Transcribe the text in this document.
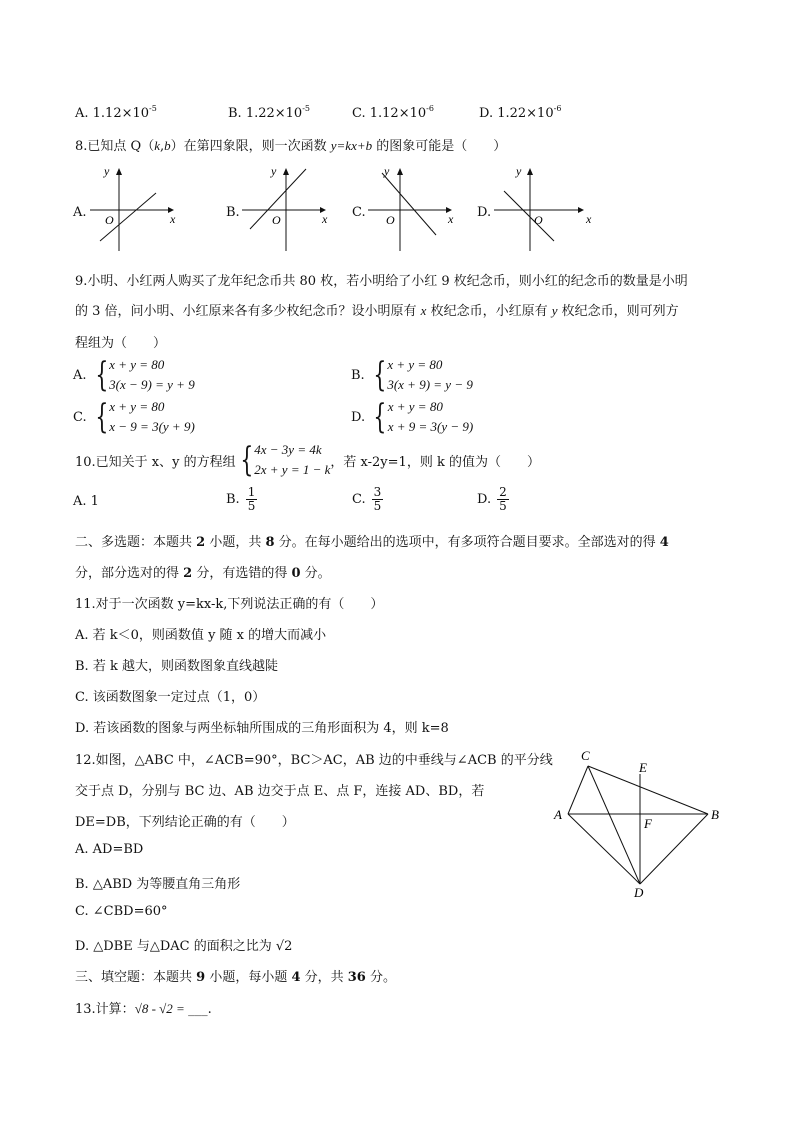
A. $1.12\times 10^{-5}$	B. $1.22\times 10^{-5}$	C. $1.12\times 10^{-6}$	D. $1.22\times 10^{-6}$
8.已知点 Q（k,b）在第四象限，则一次函数 y=kx+b 的图象可能是（　　）
A.
y
x
O	B.
y
x
O	C.
y
x
O	D.
y
x
O
9.小明、小红两人购买了龙年纪念币共 80 枚，若小明给了小红 9 枚纪念币，则小红的纪念币的数量是小明
的 3 倍，问小明、小红原来各有多少枚纪念币？设小明原有 x 枚纪念币，小红原有 y 枚纪念币，则可列方
程组为（　　）
A. { x + y = 80
3(x − 9) = y + 9
B. { x + y = 80
3(x + 9) = y − 9
C. { x + y = 80
x − 9 = 3(y + 9)
D. { x + y = 80
x + 9 = 3(y − 9)
10.已知关于 x、y 的方程组 { 4x − 3y = 4k
2x + y = 1 − k ，若 x-2y=1，则 k 的值为（　　）
A. 1	B. $\frac{1}{5}$	C. $\frac{3}{5}$	D. $\frac{2}{5}$
二、多选题：本题共 2 小题，共 8 分。在每小题给出的选项中，有多项符合题目要求。全部选对的得 4
分，部分选对的得 2 分，有选错的得 0 分。
11.对于一次函数 y=kx-k,下列说法正确的有（　　）
A. 若 k＜0，则函数值 y 随 x 的增大而减小
B. 若 k 越大，则函数图象直线越陡
C. 该函数图象一定过点（1，0）
D. 若该函数的图象与两坐标轴所围成的三角形面积为 4，则 k=8
12.如图，△ABC 中，∠ACB=90°，BC＞AC，AB 边的中垂线与∠ACB 的平分线
交于点 D，分别与 BC 边、AB 边交于点 E、点 F，连接 AD、BD，若
DE=DB，下列结论正确的有（　　）
A. AD=BD
B. △ABD 为等腰直角三角形
C. ∠CBD=60°
D. △DBE 与△DAC 的面积之比为 √2
C
A	B
D
E
F
三、填空题：本题共 9 小题，每小题 4 分，共 36 分。
13.计算：√8 - √2 = ___.
